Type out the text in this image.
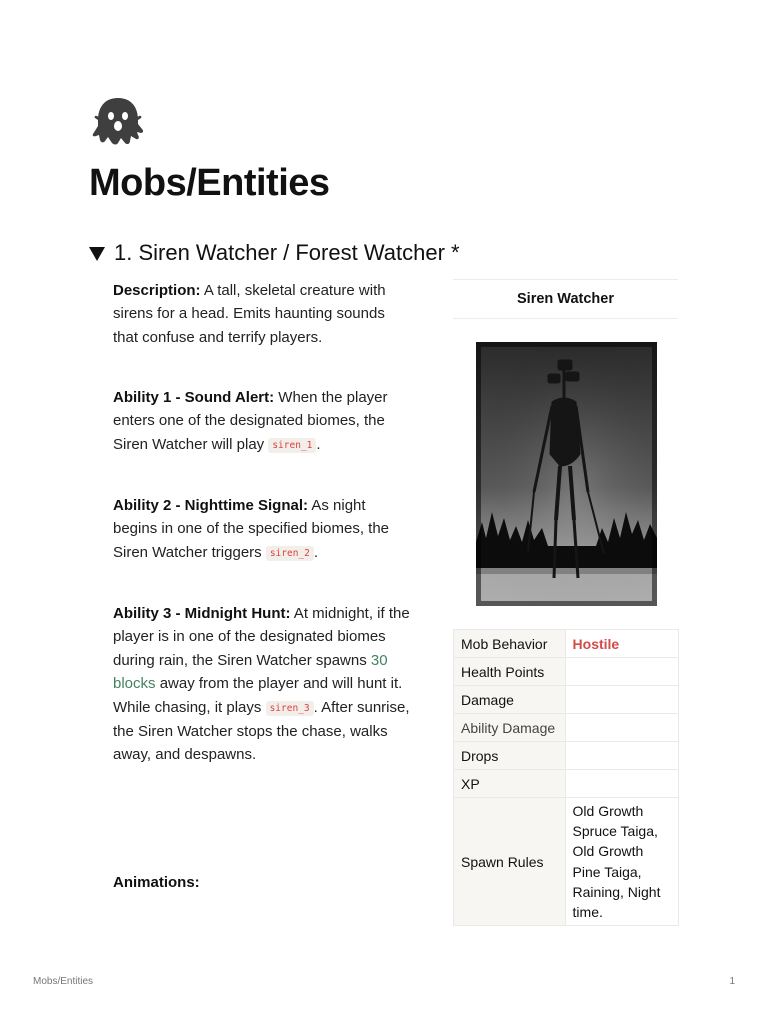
Mobs/Entities
1. Siren Watcher / Forest Watcher *

Description: A tall, skeletal creature with sirens for a head. Emits haunting sounds that confuse and terrify players.

Ability 1 - Sound Alert: When the player enters one of the designated biomes, the Siren Watcher will play siren_1 .

Ability 2 - Nighttime Signal: As night begins in one of the specified biomes, the Siren Watcher triggers siren_2 .

Ability 3 - Midnight Hunt: At midnight, if the player is in one of the designated biomes during rain, the Siren Watcher spawns 30 blocks away from the player and will hunt it. While chasing, it plays siren_3 . After sunrise, the Siren Watcher stops the chase, walks away, and despawns.

Animations:

Siren Watcher
Mob Behavior	Hostile
Health Points	
Damage	
Ability Damage	
Drops	
XP	
Spawn Rules	Old Growth Spruce Taiga, Old Growth Pine Taiga, Raining, Night time.
Mobs/Entities	1
